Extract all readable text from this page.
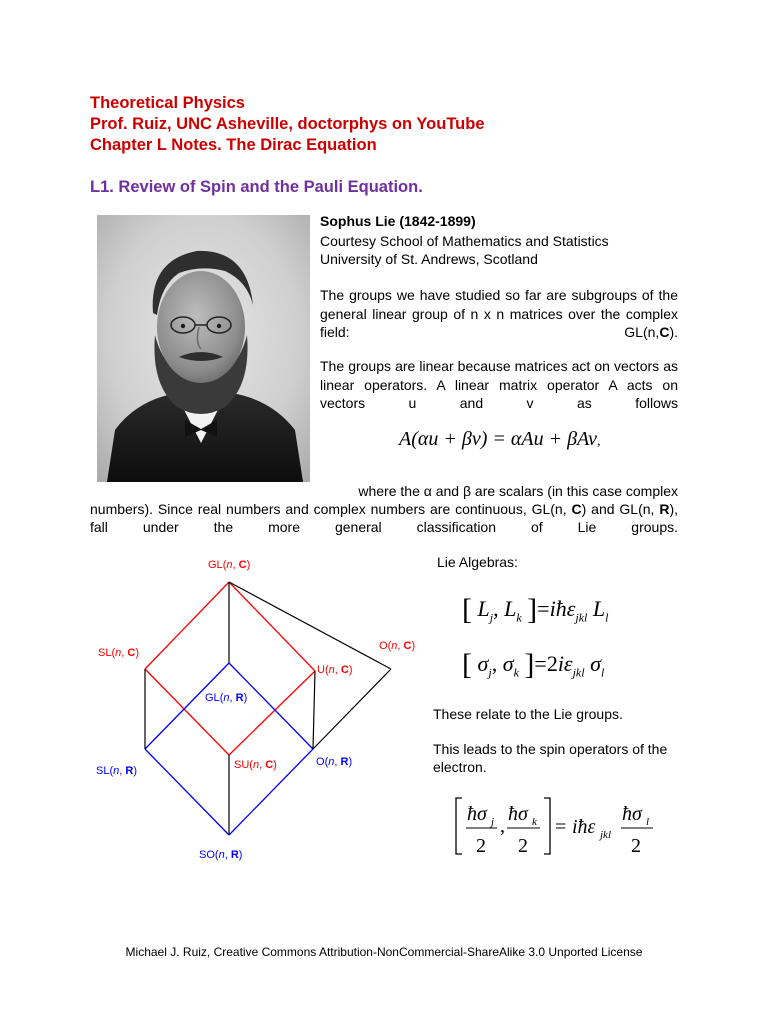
Theoretical Physics
Prof. Ruiz, UNC Asheville, doctorphys on YouTube
Chapter L Notes. The Dirac Equation
L1. Review of Spin and the Pauli Equation.
Sophus Lie (1842-1899)
Courtesy School of Mathematics and Statistics
University of St. Andrews, Scotland
The groups we have studied so far are subgroups of the general linear group of n x n matrices over the complex field: GL(n,C).
The groups are linear because matrices act on vectors as linear operators. A linear matrix operator A acts on vectors u and v as follows
A(αu + βv) = αAu + βAv,
where the α and β are scalars (in this case complex
numbers). Since real numbers and complex numbers are continuous, GL(n, C) and GL(n, R), fall under the more general classification of Lie groups.
GL(n, C)
SL(n, C)
O(n, C)
U(n, C)
SU(n, C)
GL(n, R)
SL(n, R)
O(n, R)
SO(n, R)
Lie Algebras:
[ $L_j$, $L_k$ ]=iħε$_{jkl}$ $L_l$
[ $\sigma_j$, $\sigma_k$ ]$=2i\varepsilon_{jkl}$ $\sigma_l$
These relate to the Lie groups.
This leads to the spin operators of the electron.
ħσ j
2
,
ħσ k
2
= iħε jkl
ħσ l
2
Michael J. Ruiz, Creative Commons Attribution-NonCommercial-ShareAlike 3.0 Unported License
